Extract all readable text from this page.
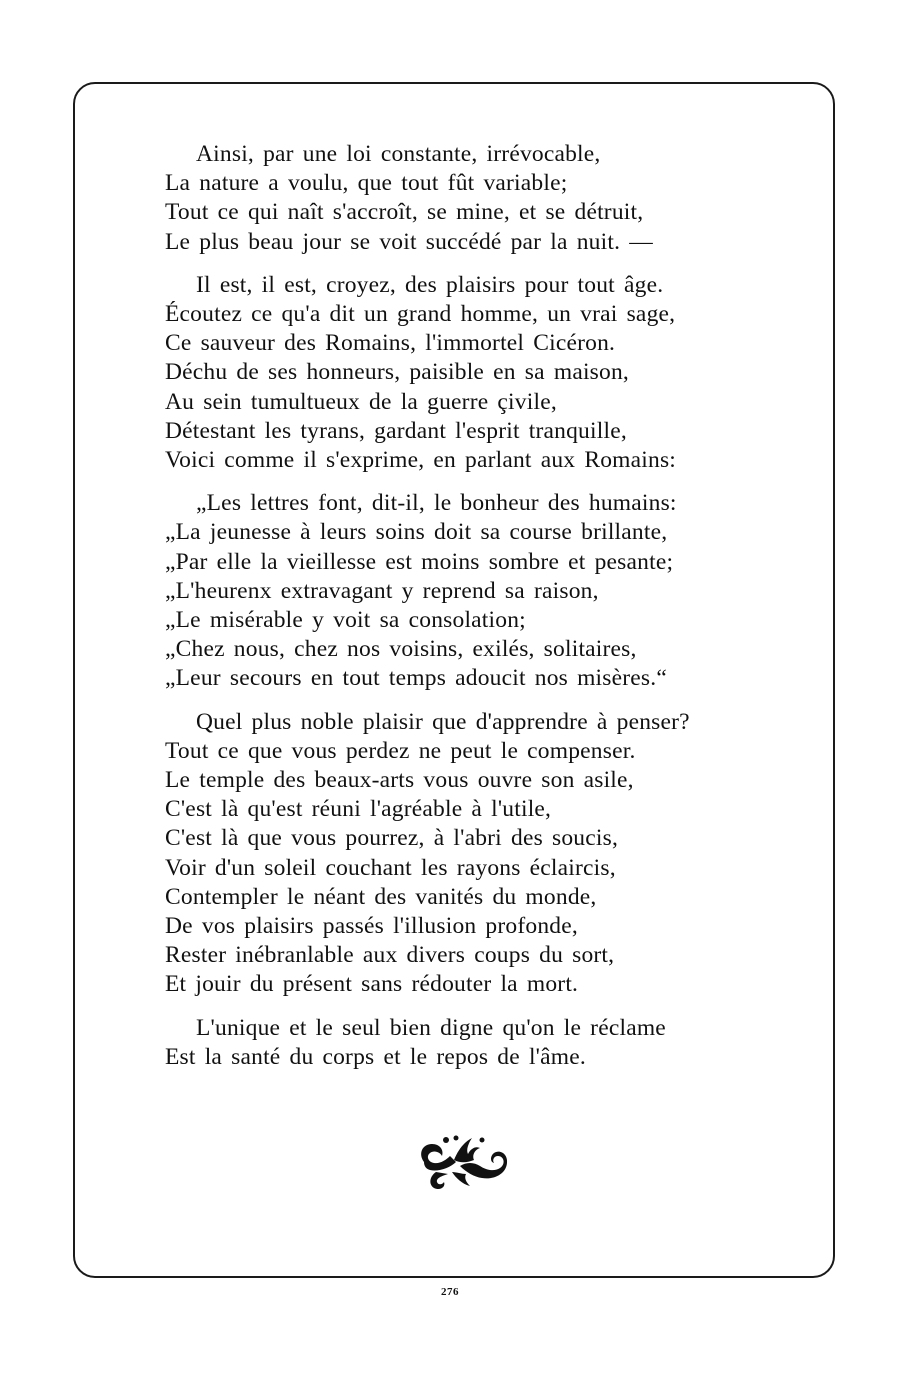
Ainsi, par une loi constante, irrévocable,
La nature a voulu, que tout fût variable;
Tout ce qui naît s'accroît, se mine, et se détruit,
Le plus beau jour se voit succédé par la nuit. —
Il est, il est, croyez, des plaisirs pour tout âge.
Écoutez ce qu'a dit un grand homme, un vrai sage,
Ce sauveur des Romains, l'immortel Cicéron.
Déchu de ses honneurs, paisible en sa maison,
Au sein tumultueux de la guerre çivile,
Détestant les tyrans, gardant l'esprit tranquille,
Voici comme il s'exprime, en parlant aux Romains:
„Les lettres font, dit-il, le bonheur des humains:
„La jeunesse à leurs soins doit sa course brillante,
„Par elle la vieillesse est moins sombre et pesante;
„L'heurenx extravagant y reprend sa raison,
„Le misérable y voit sa consolation;
„Chez nous, chez nos voisins, exilés, solitaires,
„Leur secours en tout temps adoucit nos misères.“
Quel plus noble plaisir que d'apprendre à penser?
Tout ce que vous perdez ne peut le compenser.
Le temple des beaux-arts vous ouvre son asile,
C'est là qu'est réuni l'agréable à l'utile,
C'est là que vous pourrez, à l'abri des soucis,
Voir d'un soleil couchant les rayons éclaircis,
Contempler le néant des vanités du monde,
De vos plaisirs passés l'illusion profonde,
Rester inébranlable aux divers coups du sort,
Et jouir du présent sans rédouter la mort.
L'unique et le seul bien digne qu'on le réclame
Est la santé du corps et le repos de l'âme.
276
